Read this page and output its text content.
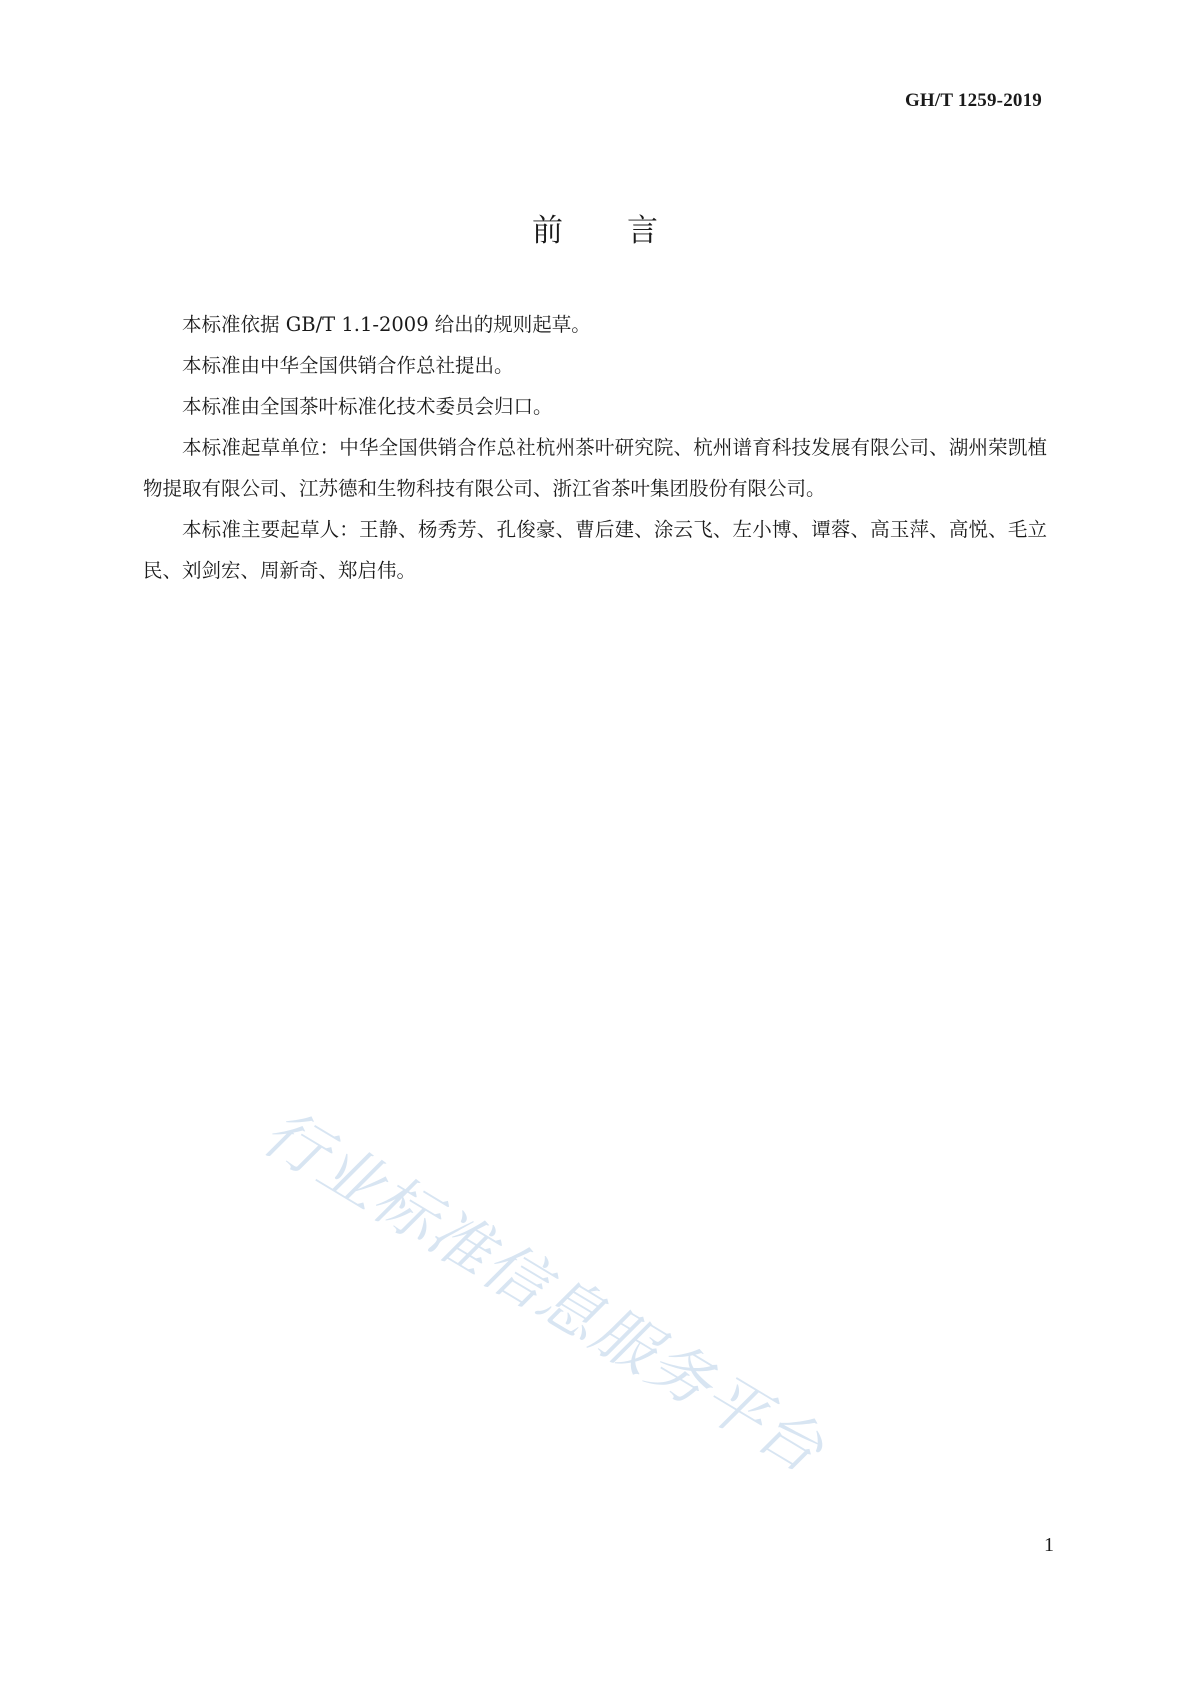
GH/T 1259-2019
前言

本标准依据 GB/T 1.1-2009 给出的规则起草。

本标准由中华全国供销合作总社提出。

本标准由全国茶叶标准化技术委员会归口。

本标准起草单位：中华全国供销合作总社杭州茶叶研究院、杭州谱育科技发展有限公司、湖州荣凯植物提取有限公司、江苏德和生物科技有限公司、浙江省茶叶集团股份有限公司。

本标准主要起草人：王静、杨秀芳、孔俊豪、曹后建、涂云飞、左小博、谭蓉、高玉萍、高悦、毛立民、刘剑宏、周新奇、郑启伟。

行业标准信息服务平台
1
